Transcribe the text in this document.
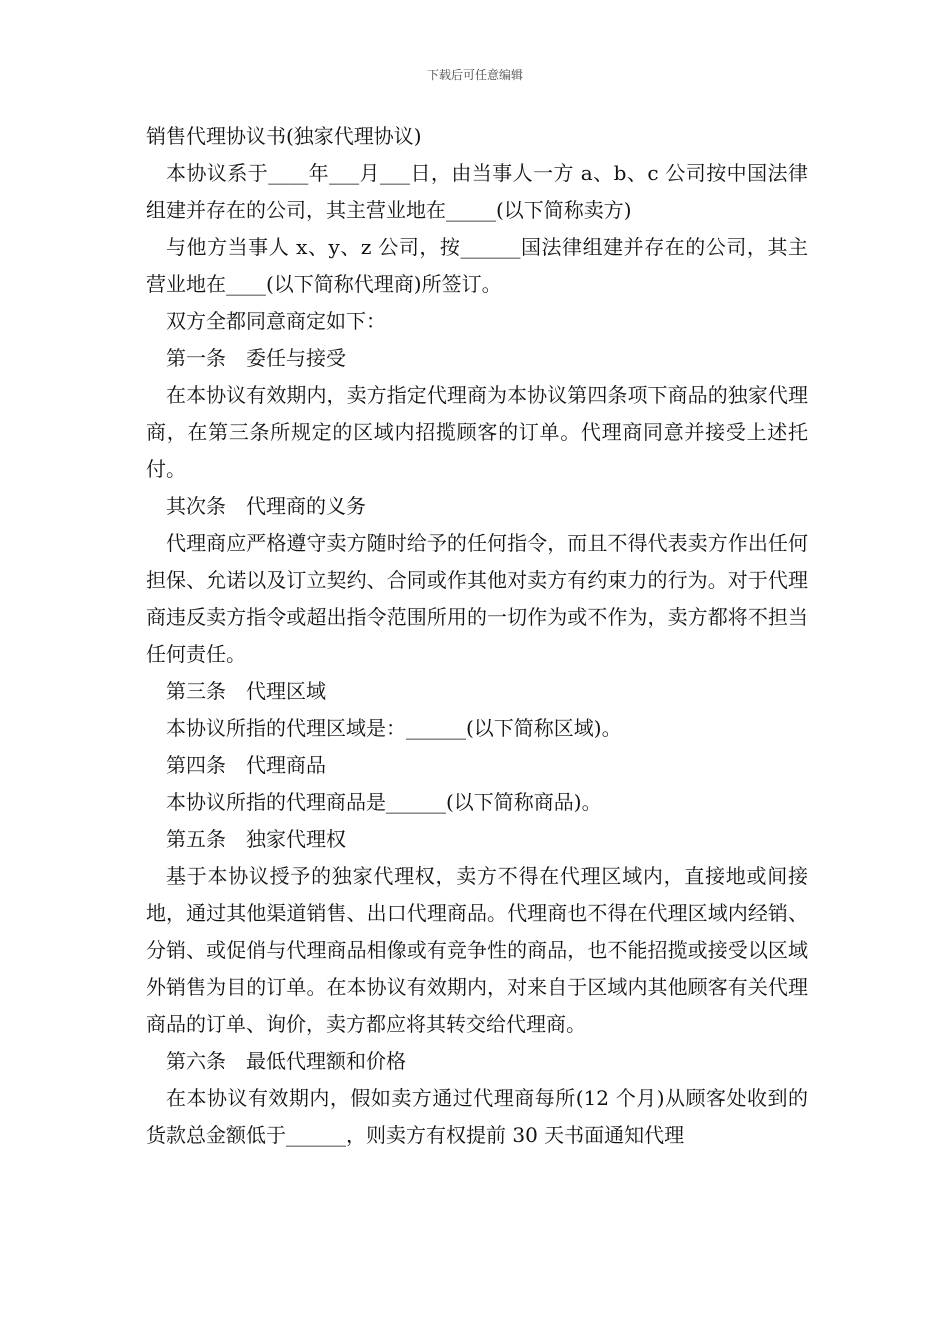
下载后可任意编辑

销售代理协议书(独家代理协议)

本协议系于____年___月___日，由当事人一方 a、b、c 公司按中国法律组建并存在的公司，其主营业地在_____(以下简称卖方)

与他方当事人 x、y、z 公司，按______国法律组建并存在的公司，其主营业地在____(以下简称代理商)所签订。

双方全都同意商定如下：

第一条　委任与接受

在本协议有效期内，卖方指定代理商为本协议第四条项下商品的独家代理商，在第三条所规定的区域内招揽顾客的订单。代理商同意并接受上述托付。

其次条　代理商的义务

代理商应严格遵守卖方随时给予的任何指令，而且不得代表卖方作出任何担保、允诺以及订立契约、合同或作其他对卖方有约束力的行为。对于代理商违反卖方指令或超出指令范围所用的一切作为或不作为，卖方都将不担当任何责任。

第三条　代理区域

本协议所指的代理区域是：______(以下简称区域)。

第四条　代理商品

本协议所指的代理商品是______(以下简称商品)。

第五条　独家代理权

基于本协议授予的独家代理权，卖方不得在代理区域内，直接地或间接地，通过其他渠道销售、出口代理商品。代理商也不得在代理区域内经销、分销、或促俏与代理商品相像或有竞争性的商品，也不能招揽或接受以区域外销售为目的订单。在本协议有效期内，对来自于区域内其他顾客有关代理商品的订单、询价，卖方都应将其转交给代理商。

第六条　最低代理额和价格

在本协议有效期内，假如卖方通过代理商每所(12 个月)从顾客处收到的货款总金额低于______，则卖方有权提前 30 天书面通知代理
